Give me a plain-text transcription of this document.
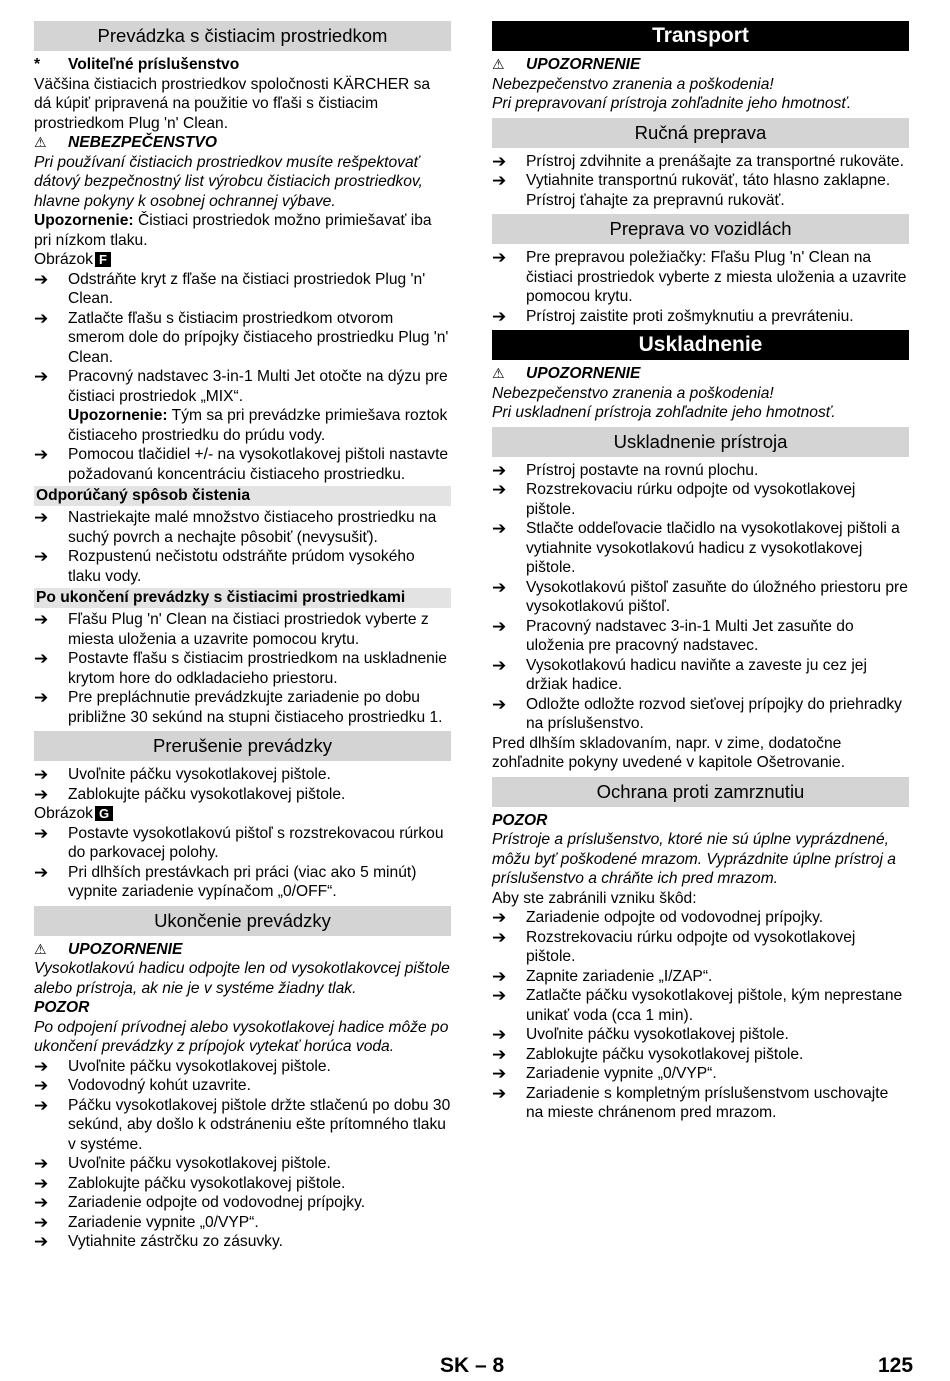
Prevádzka s čistiacim prostriedkom

* Voliteľné príslušenstvo

Väčšina čistiacich prostriedkov spoločnosti KÄRCHER sa dá kúpiť pripravená na použitie vo fľaši s čistiacim prostriedkom Plug 'n' Clean.

⚠ NEBEZPEČENSTVO

Pri používaní čistiacich prostriedkov musíte rešpektovať dátový bezpečnostný list výrobcu čistiacich prostriedkov, hlavne pokyny k osobnej ochrannej výbave.

Upozornenie: Čistiaci prostriedok možno primiešavať iba pri nízkom tlaku.

Obrázok F

➔ Odstráňte kryt z fľaše na čistiaci prostriedok Plug 'n' Clean.
➔ Zatlačte fľašu s čistiacim prostriedkom otvorom smerom dole do prípojky čistiaceho prostriedku Plug 'n' Clean.
➔ Pracovný nadstavec 3-in-1 Multi Jet otočte na dýzu pre čistiaci prostriedok „MIX“.
Upozornenie: Tým sa pri prevádzke primiešava roztok čistiaceho prostriedku do prúdu vody.
➔ Pomocou tlačidiel +/- na vysokotlakovej pištoli nastavte požadovanú koncentráciu čistiaceho prostriedku.
Odporúčaný spôsob čistenia
➔ Nastriekajte malé množstvo čistiaceho prostriedku na suchý povrch a nechajte pôsobiť (nevysušiť).
➔ Rozpustenú nečistotu odstráňte prúdom vysokého tlaku vody.
Po ukončení prevádzky s čistiacimi prostriedkami
➔ Fľašu Plug 'n' Clean na čistiaci prostriedok vyberte z miesta uloženia a uzavrite pomocou krytu.
➔ Postavte fľašu s čistiacim prostriedkom na uskladnenie krytom hore do odkladacieho priestoru.
➔ Pre prepláchnutie prevádzkujte zariadenie po dobu približne 30 sekúnd na stupni čistiaceho prostriedku 1.
Prerušenie prevádzky
➔ Uvoľnite páčku vysokotlakovej pištole.
➔ Zablokujte páčku vysokotlakovej pištole.

Obrázok G

➔ Postavte vysokotlakovú pištoľ s rozstrekovacou rúrkou do parkovacej polohy.
➔ Pri dlhších prestávkach pri práci (viac ako 5 minút) vypnite zariadenie vypínačom „0/OFF“.
Ukončenie prevádzky

⚠ UPOZORNENIE

Vysokotlakovú hadicu odpojte len od vysokotlakovcej pištole alebo prístroja, ak nie je v systéme žiadny tlak.

POZOR

Po odpojení prívodnej alebo vysokotlakovej hadice môže po ukončení prevádzky z prípojok vytekať horúca voda.

➔ Uvoľnite páčku vysokotlakovej pištole.
➔ Vodovodný kohút uzavrite.
➔ Páčku vysokotlakovej pištole držte stlačenú po dobu 30 sekúnd, aby došlo k odstráneniu ešte prítomného tlaku v systéme.
➔ Uvoľnite páčku vysokotlakovej pištole.
➔ Zablokujte páčku vysokotlakovej pištole.
➔ Zariadenie odpojte od vodovodnej prípojky.
➔ Zariadenie vypnite „0/VYP“.
➔ Vytiahnite zástrčku zo zásuvky.
Transport

⚠ UPOZORNENIE

Nebezpečenstvo zranenia a poškodenia!

Pri prepravovaní prístroja zohľadnite jeho hmotnosť.

Ručná preprava
➔ Prístroj zdvihnite a prenášajte za transportné rukoväte.
➔ Vytiahnite transportnú rukoväť, táto hlasno zaklapne.
Prístroj ťahajte za prepravnú rukoväť.
Preprava vo vozidlách
➔ Pre prepravou poležiačky: Fľašu Plug 'n' Clean na čistiaci prostriedok vyberte z miesta uloženia a uzavrite pomocou krytu.
➔ Prístroj zaistite proti zošmyknutiu a prevráteniu.
Uskladnenie

⚠ UPOZORNENIE

Nebezpečenstvo zranenia a poškodenia!

Pri uskladnení prístroja zohľadnite jeho hmotnosť.

Uskladnenie prístroja
➔ Prístroj postavte na rovnú plochu.
➔ Rozstrekovaciu rúrku odpojte od vysokotlakovej pištole.
➔ Stlačte oddeľovacie tlačidlo na vysokotlakovej pištoli a vytiahnite vysokotlakovú hadicu z vysokotlakovej pištole.
➔ Vysokotlakovú pištoľ zasuňte do úložného priestoru pre vysokotlakovú pištoľ.
➔ Pracovný nadstavec 3-in-1 Multi Jet zasuňte do uloženia pre pracovný nadstavec.
➔ Vysokotlakovú hadicu naviňte a zaveste ju cez jej držiak hadice.
➔ Odložte odložte rozvod sieťovej prípojky do priehradky na príslušenstvo.

Pred dlhším skladovaním, napr. v zime, dodatočne zohľadnite pokyny uvedené v kapitole Ošetrovanie.

Ochrana proti zamrznutiu

POZOR

Prístroje a príslušenstvo, ktoré nie sú úplne vyprázdnené, môžu byť poškodené mrazom. Vyprázdnite úplne prístroj a príslušenstvo a chráňte ich pred mrazom.

Aby ste zabránili vzniku škôd:

➔ Zariadenie odpojte od vodovodnej prípojky.
➔ Rozstrekovaciu rúrku odpojte od vysokotlakovej pištole.
➔ Zapnite zariadenie „I/ZAP“.
➔ Zatlačte páčku vysokotlakovej pištole, kým neprestane unikať voda (cca 1 min).
➔ Uvoľnite páčku vysokotlakovej pištole.
➔ Zablokujte páčku vysokotlakovej pištole.
➔ Zariadenie vypnite „0/VYP“.
➔ Zariadenie s kompletným príslušenstvom uschovajte na mieste chránenom pred mrazom.
SK – 8	125
